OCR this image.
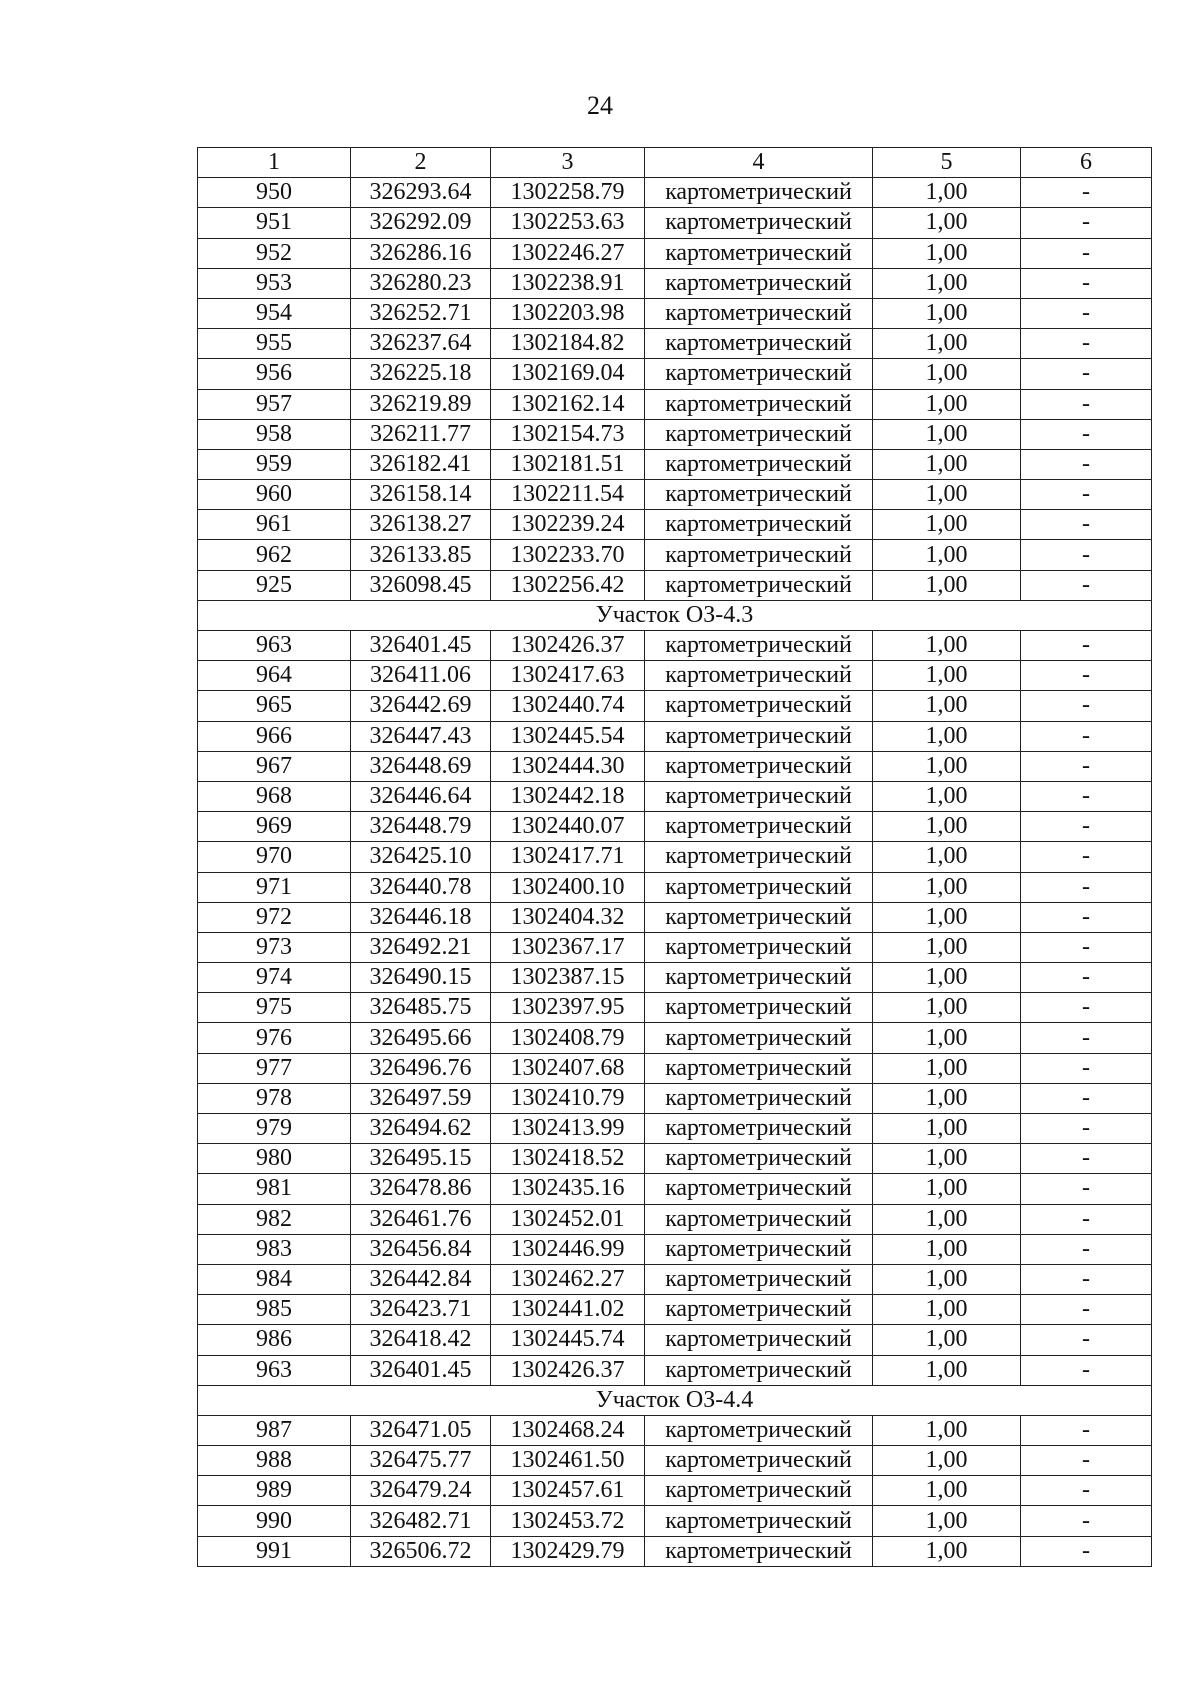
24
1	2	3	4	5	6
950	326293.64	1302258.79	картометрический	1,00	-
951	326292.09	1302253.63	картометрический	1,00	-
952	326286.16	1302246.27	картометрический	1,00	-
953	326280.23	1302238.91	картометрический	1,00	-
954	326252.71	1302203.98	картометрический	1,00	-
955	326237.64	1302184.82	картометрический	1,00	-
956	326225.18	1302169.04	картометрический	1,00	-
957	326219.89	1302162.14	картометрический	1,00	-
958	326211.77	1302154.73	картометрический	1,00	-
959	326182.41	1302181.51	картометрический	1,00	-
960	326158.14	1302211.54	картометрический	1,00	-
961	326138.27	1302239.24	картометрический	1,00	-
962	326133.85	1302233.70	картометрический	1,00	-
925	326098.45	1302256.42	картометрический	1,00	-
Участок ОЗ-4.3					
963	326401.45	1302426.37	картометрический	1,00	-
964	326411.06	1302417.63	картометрический	1,00	-
965	326442.69	1302440.74	картометрический	1,00	-
966	326447.43	1302445.54	картометрический	1,00	-
967	326448.69	1302444.30	картометрический	1,00	-
968	326446.64	1302442.18	картометрический	1,00	-
969	326448.79	1302440.07	картометрический	1,00	-
970	326425.10	1302417.71	картометрический	1,00	-
971	326440.78	1302400.10	картометрический	1,00	-
972	326446.18	1302404.32	картометрический	1,00	-
973	326492.21	1302367.17	картометрический	1,00	-
974	326490.15	1302387.15	картометрический	1,00	-
975	326485.75	1302397.95	картометрический	1,00	-
976	326495.66	1302408.79	картометрический	1,00	-
977	326496.76	1302407.68	картометрический	1,00	-
978	326497.59	1302410.79	картометрический	1,00	-
979	326494.62	1302413.99	картометрический	1,00	-
980	326495.15	1302418.52	картометрический	1,00	-
981	326478.86	1302435.16	картометрический	1,00	-
982	326461.76	1302452.01	картометрический	1,00	-
983	326456.84	1302446.99	картометрический	1,00	-
984	326442.84	1302462.27	картометрический	1,00	-
985	326423.71	1302441.02	картометрический	1,00	-
986	326418.42	1302445.74	картометрический	1,00	-
963	326401.45	1302426.37	картометрический	1,00	-
Участок ОЗ-4.4					
987	326471.05	1302468.24	картометрический	1,00	-
988	326475.77	1302461.50	картометрический	1,00	-
989	326479.24	1302457.61	картометрический	1,00	-
990	326482.71	1302453.72	картометрический	1,00	-
991	326506.72	1302429.79	картометрический	1,00	-
